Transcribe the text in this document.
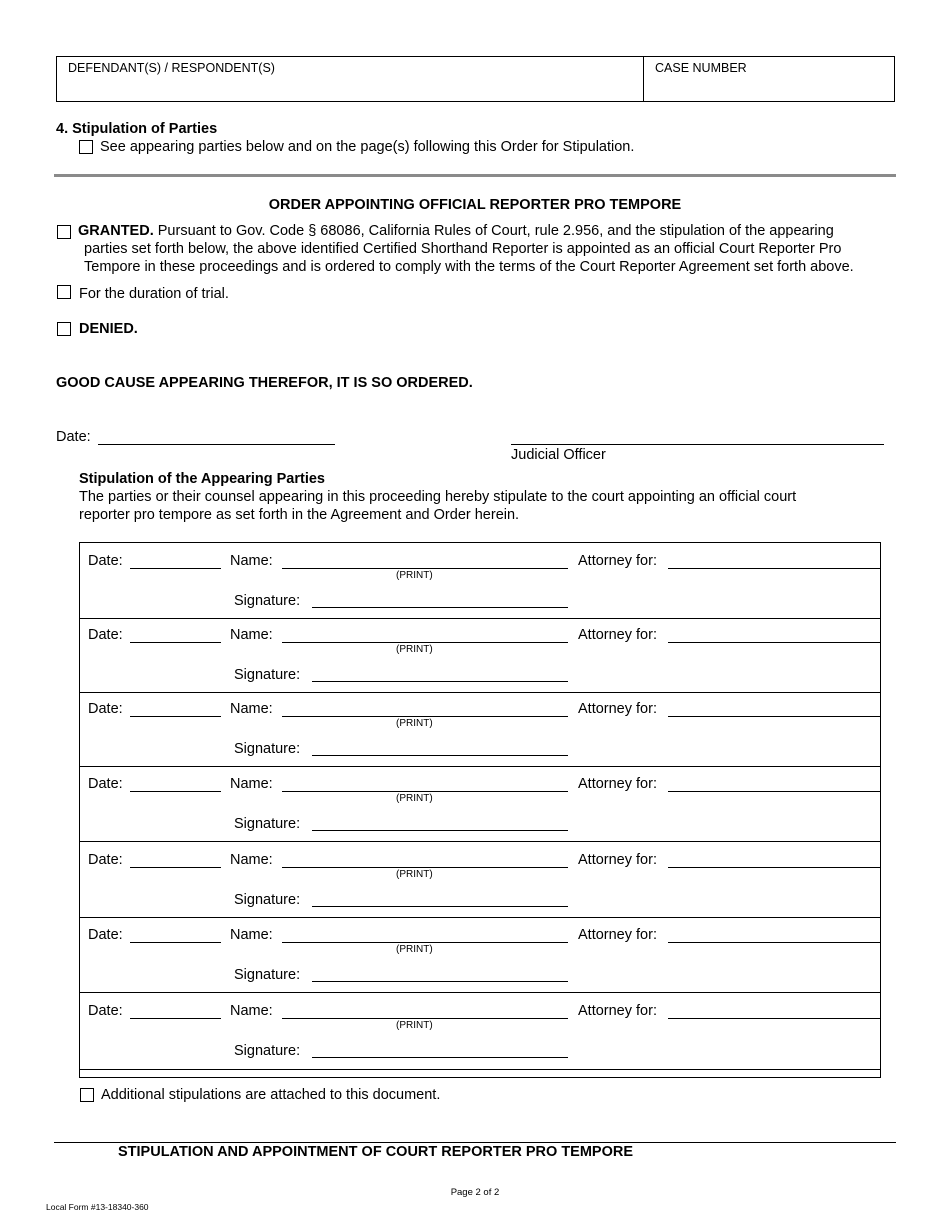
DEFENDANT(S) / RESPONDENT(S)	CASE NUMBER
4. Stipulation of Parties
See appearing parties below and on the page(s) following this Order for Stipulation.
ORDER APPOINTING OFFICIAL REPORTER PRO TEMPORE
GRANTED. Pursuant to Gov. Code § 68086, California Rules of Court, rule 2.956, and the stipulation of the appearing
parties set forth below, the above identified Certified Shorthand Reporter is appointed as an official Court Reporter Pro
Tempore in these proceedings and is ordered to comply with the terms of the Court Reporter Agreement set forth above.
For the duration of trial.
DENIED.
GOOD CAUSE APPEARING THEREFOR, IT IS SO ORDERED.
Date:
Judicial Officer
Stipulation of the Appearing Parties
The parties or their counsel appearing in this proceeding hereby stipulate to the court appointing an official court
reporter pro tempore as set forth in the Agreement and Order herein.
Date:	Name:
(PRINT)
Attorney for:
Signature:
Date:	Name:
(PRINT)
Attorney for:
Signature:
Date:	Name:
(PRINT)
Attorney for:
Signature:
Date:	Name:
(PRINT)
Attorney for:
Signature:
Date:	Name:
(PRINT)
Attorney for:
Signature:
Date:	Name:
(PRINT)
Attorney for:
Signature:
Date:	Name:
(PRINT)
Attorney for:
Signature:
Additional stipulations are attached to this document.
STIPULATION AND APPOINTMENT OF COURT REPORTER PRO TEMPORE
Page 2 of 2
Local Form #13-18340-360
